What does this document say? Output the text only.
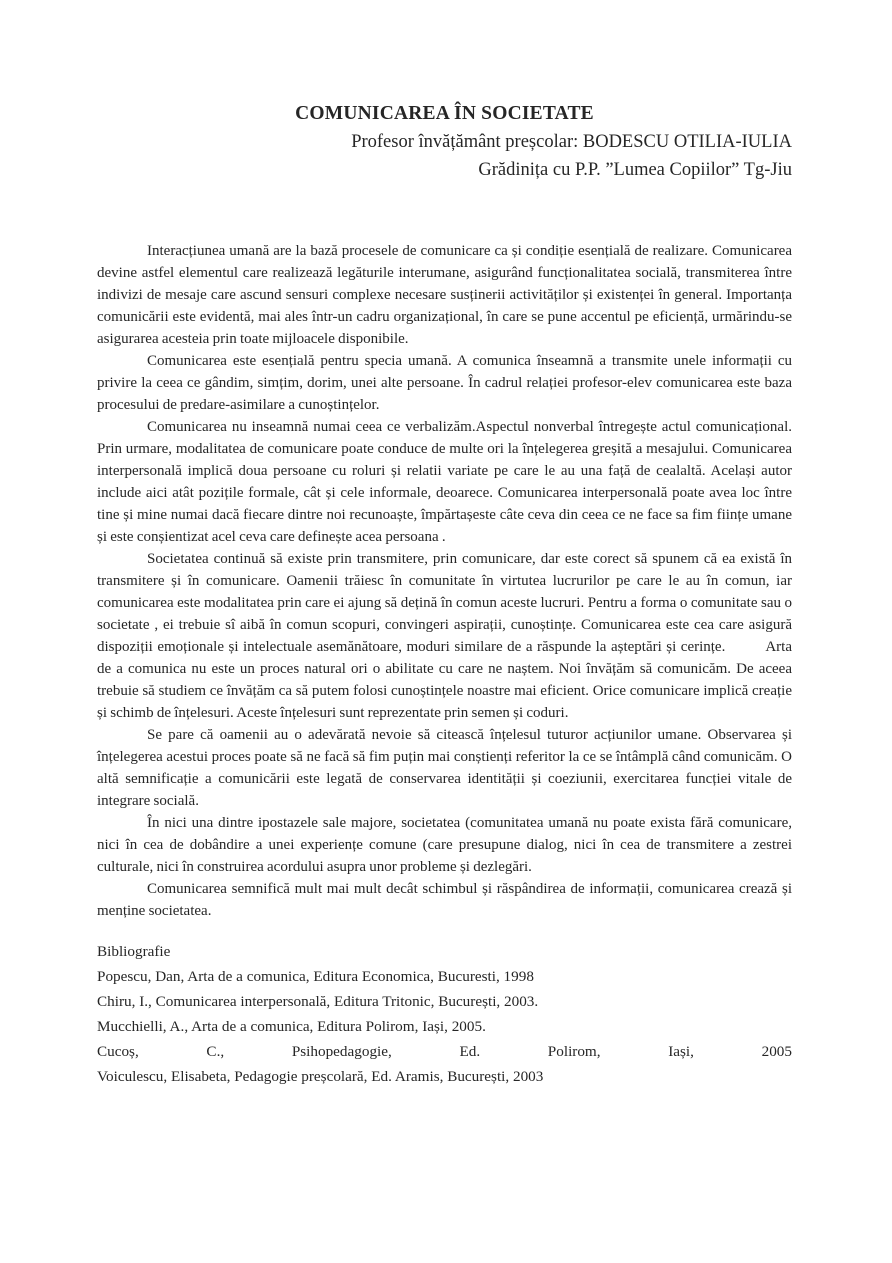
COMUNICAREA ÎN SOCIETATE
Profesor învățământ preșcolar: BODESCU OTILIA-IULIA
Grădinița cu P.P. ”Lumea Copiilor” Tg-Jiu

Interacțiunea umană are la bază procesele de comunicare ca și condiție esențială de realizare. Comunicarea devine astfel elementul care realizează legăturile interumane, asigurând funcționalitatea socială, transmiterea între indivizi de mesaje care ascund sensuri complexe necesare susținerii activităților și existenței în general. Importanța comunicării este evidentă, mai ales într-un cadru organizațional, în care se pune accentul pe eficiență, urmărindu-se asigurarea acesteia prin toate mijloacele disponibile.

Comunicarea este esențială pentru specia umană. A comunica înseamnă a transmite unele informații cu privire la ceea ce gândim, simțim, dorim, unei alte persoane. În cadrul relației profesor-elev comunicarea este baza procesului de predare-asimilare a cunoștințelor.

Comunicarea nu inseamnă numai ceea ce verbalizăm.Aspectul nonverbal întregește actul comunicațional. Prin urmare, modalitatea de comunicare poate conduce de multe ori la înțelegerea greșită a mesajului. Comunicarea interpersonală implică doua persoane cu roluri și relatii variate pe care le au una față de cealaltă. Același autor include aici atât pozițile formale, cât și cele informale, deoarece. Comunicarea interpersonală poate avea loc între tine și mine numai dacă fiecare dintre noi recunoaște, împărtașeste câte ceva din ceea ce ne face sa fim ființe umane și este conșientizat acel ceva care definește acea persoana .

Societatea continuă să existe prin transmitere, prin comunicare, dar este corect să spunem că ea există în transmitere și în comunicare. Oamenii trăiesc în comunitate în virtutea lucrurilor pe care le au în comun, iar comunicarea este modalitatea prin care ei ajung să dețină în comun aceste lucruri. Pentru a forma o comunitate sau o societate , ei trebuie sî aibă în comun scopuri, convingeri aspirații, cunoștințe. Comunicarea este cea care asigură dispoziții emoționale și intelectuale asemănătoare, moduri similare de a răspunde la așteptări și cerințe.	Arta de a comunica nu este un proces natural ori o abilitate cu care ne naștem. Noi învățăm să comunicăm. De aceea trebuie să studiem ce învățăm ca să putem folosi cunoștințele noastre mai eficient. Orice comunicare implică creație și schimb de înțelesuri. Aceste înțelesuri sunt reprezentate prin semen și coduri.

Se pare că oamenii au o adevărată nevoie să citească înțelesul tuturor acțiunilor umane. Observarea și înțelegerea acestui proces poate să ne facă să fim puțin mai conștienți referitor la ce se întâmplă când comunicăm. O altă semnificație a comunicării este legată de conservarea identității și coeziunii, exercitarea funcției vitale de integrare socială.

În nici una dintre ipostazele sale majore, societatea (comunitatea umană nu poate exista fără comunicare, nici în cea de dobândire a unei experiențe comune (care presupune dialog, nici în cea de transmitere a zestrei culturale, nici în construirea acordului asupra unor probleme și dezlegări.

Comunicarea semnifică mult mai mult decât schimbul și răspândirea de informații, comunicarea crează și menține societatea.

Bibliografie
Popescu, Dan, Arta de a comunica, Editura Economica, Bucuresti, 1998
Chiru, I., Comunicarea interpersonală, Editura Tritonic, București, 2003.
Mucchielli, A., Arta de a comunica, Editura Polirom, Iași, 2005.
Cucoș, C., Psihopedagogie, Ed. Polirom, Iași, 2005
Voiculescu, Elisabeta, Pedagogie preșcolară, Ed. Aramis, București, 2003
